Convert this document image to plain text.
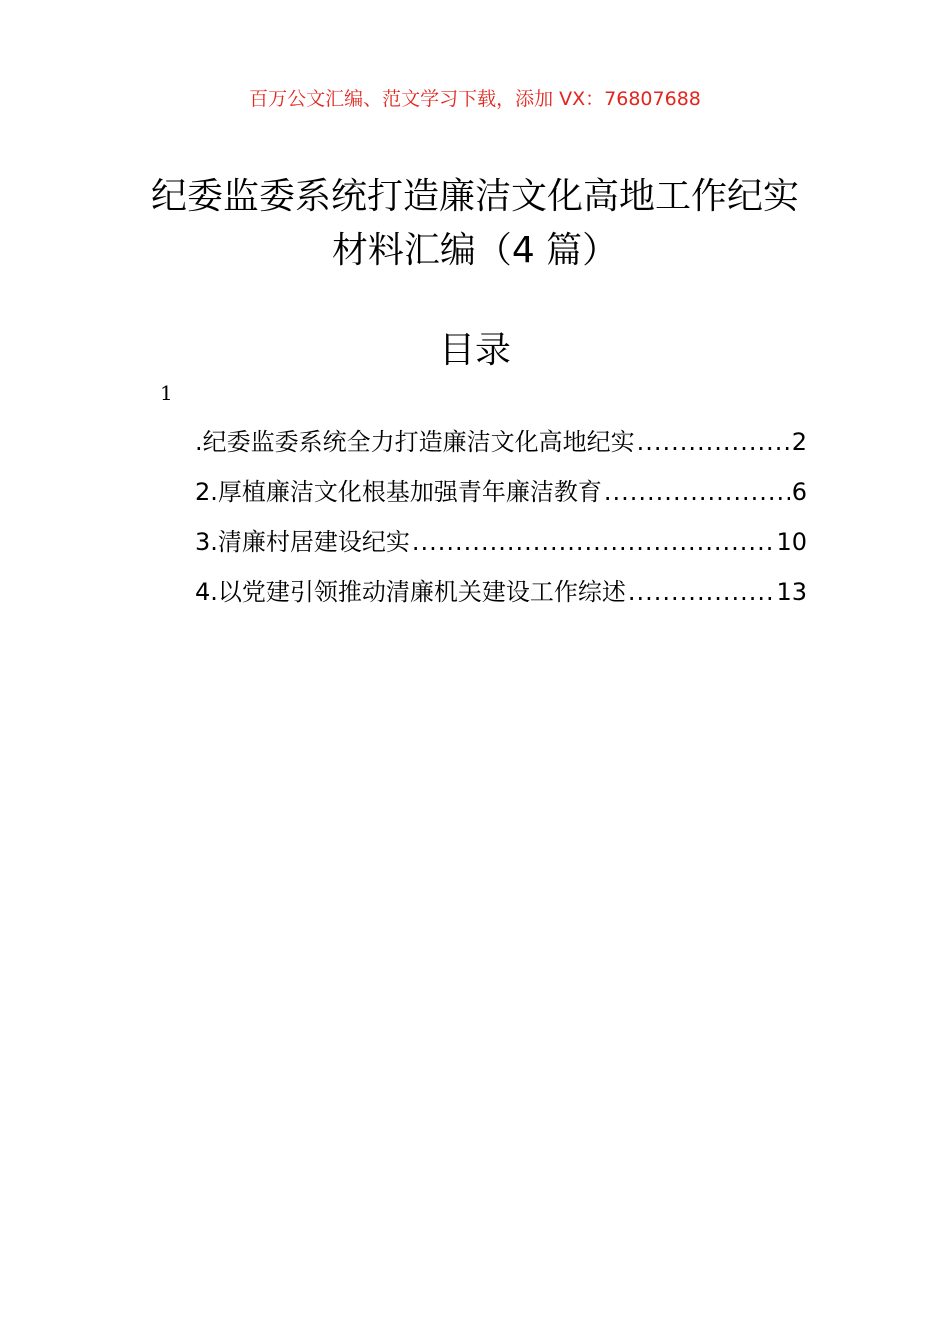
百万公文汇编、范文学习下载，添加 VX：76807688
纪委监委系统打造廉洁文化高地工作纪实
材料汇编（4 篇）
目录
1
.纪委监委系统全力打造廉洁文化高地纪实 .....	2
2.厚植廉洁文化根基加强青年廉洁教育 .....	6
3.清廉村居建设纪实 .....	10
4.以党建引领推动清廉机关建设工作综述 .....	13
